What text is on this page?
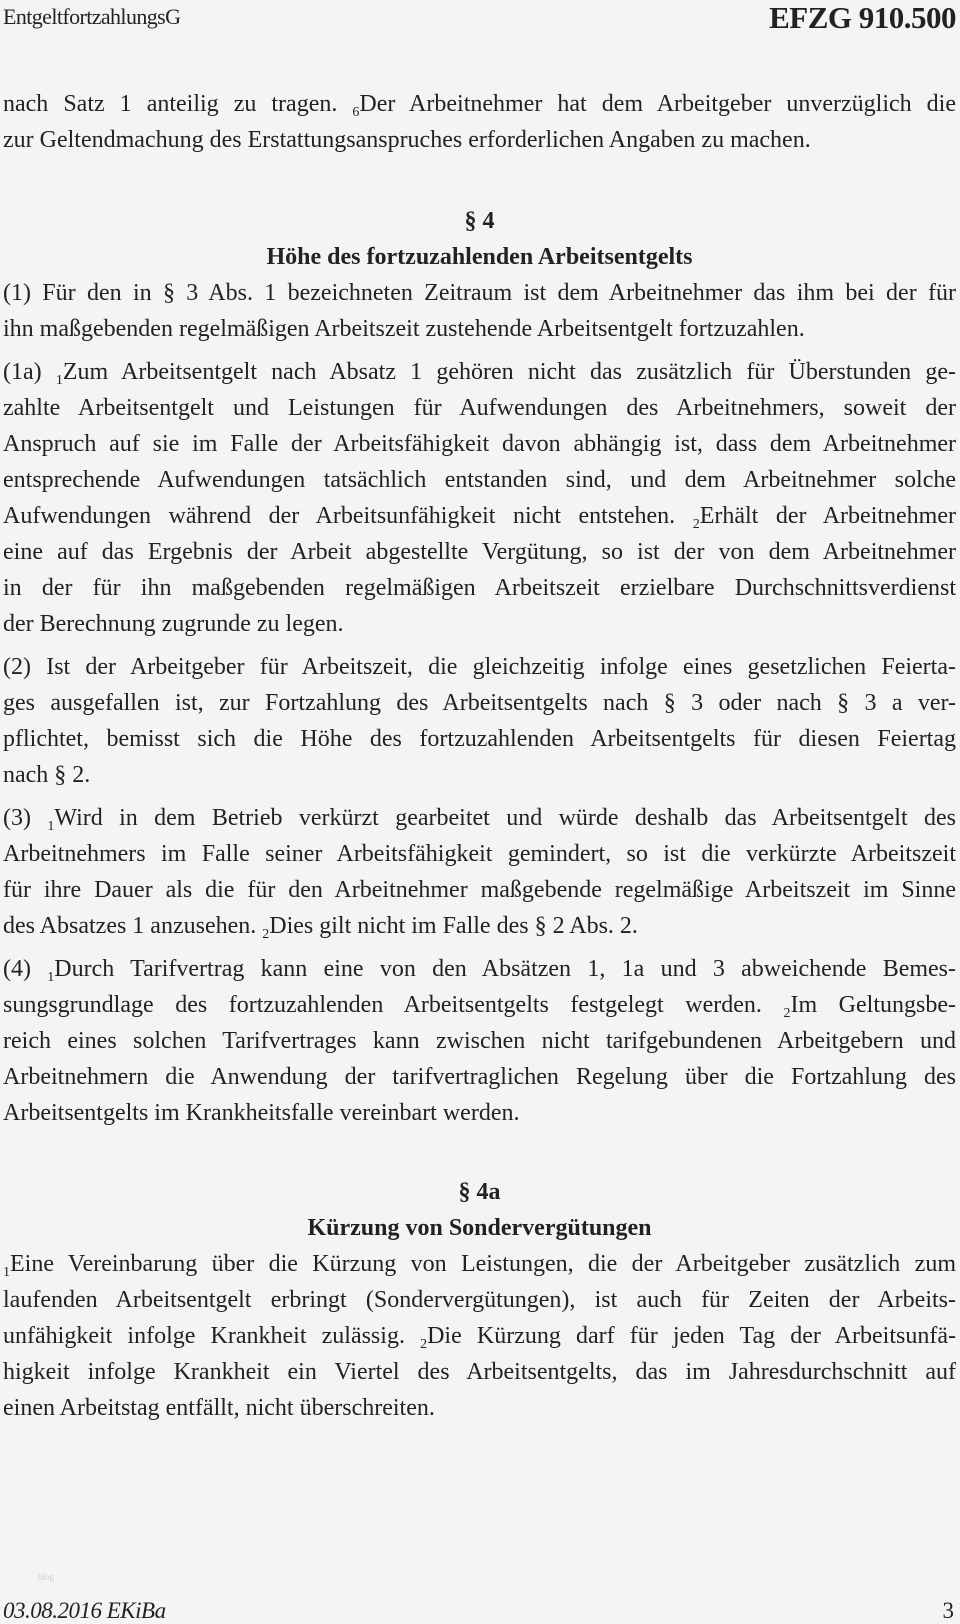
EntgeltfortzahlungsG	EFZG 910.500
nach Satz 1 anteilig zu tragen. $_6$Der Arbeitnehmer hat dem Arbeitgeber unverzüglich die
zur Geltendmachung des Erstattungsanspruches erforderlichen Angaben zu machen.
§ 4
Höhe des fortzuzahlenden Arbeitsentgelts
(1) Für den in § 3 Abs. 1 bezeichneten Zeitraum ist dem Arbeitnehmer das ihm bei der für
ihn maßgebenden regelmäßigen Arbeitszeit zustehende Arbeitsentgelt fortzuzahlen.
(1a) $_1$Zum Arbeitsentgelt nach Absatz 1 gehören nicht das zusätzlich für Überstunden ge-
zahlte Arbeitsentgelt und Leistungen für Aufwendungen des Arbeitnehmers, soweit der
Anspruch auf sie im Falle der Arbeitsfähigkeit davon abhängig ist, dass dem Arbeitnehmer
entsprechende Aufwendungen tatsächlich entstanden sind, und dem Arbeitnehmer solche
Aufwendungen während der Arbeitsunfähigkeit nicht entstehen. $_2$Erhält der Arbeitnehmer
eine auf das Ergebnis der Arbeit abgestellte Vergütung, so ist der von dem Arbeitnehmer
in der für ihn maßgebenden regelmäßigen Arbeitszeit erzielbare Durchschnittsverdienst
der Berechnung zugrunde zu legen.
(2) Ist der Arbeitgeber für Arbeitszeit, die gleichzeitig infolge eines gesetzlichen Feierta-
ges ausgefallen ist, zur Fortzahlung des Arbeitsentgelts nach § 3 oder nach § 3 a ver-
pflichtet, bemisst sich die Höhe des fortzuzahlenden Arbeitsentgelts für diesen Feiertag
nach § 2.
(3) $_1$Wird in dem Betrieb verkürzt gearbeitet und würde deshalb das Arbeitsentgelt des
Arbeitnehmers im Falle seiner Arbeitsfähigkeit gemindert, so ist die verkürzte Arbeitszeit
für ihre Dauer als die für den Arbeitnehmer maßgebende regelmäßige Arbeitszeit im Sinne
des Absatzes 1 anzusehen. $_2$Dies gilt nicht im Falle des § 2 Abs. 2.
(4) $_1$Durch Tarifvertrag kann eine von den Absätzen 1, 1a und 3 abweichende Bemes-
sungsgrundlage des fortzuzahlenden Arbeitsentgelts festgelegt werden. $_2$Im Geltungsbe-
reich eines solchen Tarifvertrages kann zwischen nicht tarifgebundenen Arbeitgebern und
Arbeitnehmern die Anwendung der tarifvertraglichen Regelung über die Fortzahlung des
Arbeitsentgelts im Krankheitsfalle vereinbart werden.
§ 4a
Kürzung von Sondervergütungen
$_1$Eine Vereinbarung über die Kürzung von Leistungen, die der Arbeitgeber zusätzlich zum
laufenden Arbeitsentgelt erbringt (Sondervergütungen), ist auch für Zeiten der Arbeits-
unfähigkeit infolge Krankheit zulässig. $_2$Die Kürzung darf für jeden Tag der Arbeitsunfä-
higkeit infolge Krankheit ein Viertel des Arbeitsentgelts, das im Jahresdurchschnitt auf
einen Arbeitstag entfällt, nicht überschreiten.
blog
03.08.2016 EKiBa	3
